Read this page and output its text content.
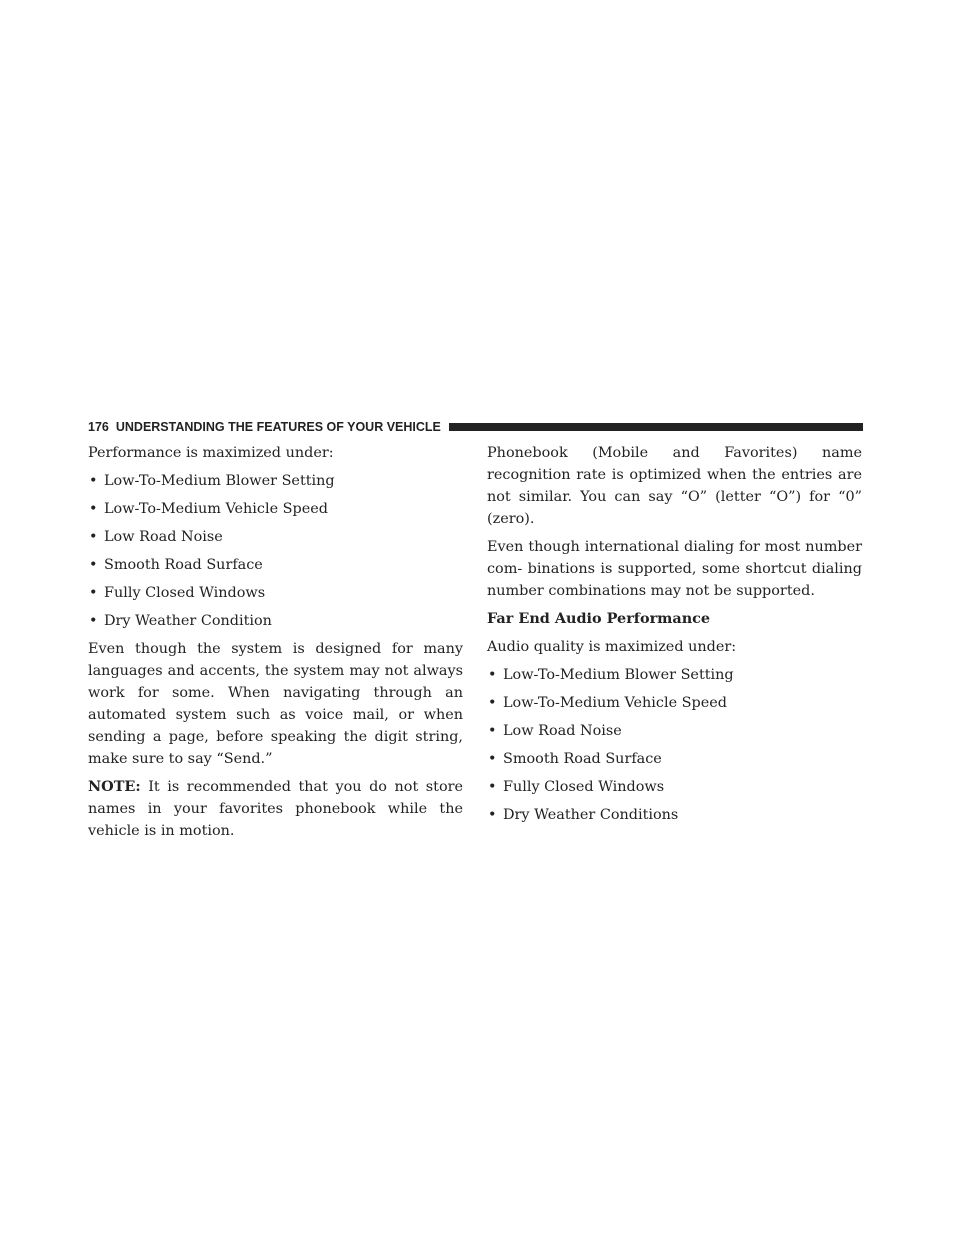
176 UNDERSTANDING THE FEATURES OF YOUR VEHICLE

Performance is maximized under:

• Low-To-Medium Blower Setting
• Low-To-Medium Vehicle Speed
• Low Road Noise
• Smooth Road Surface
• Fully Closed Windows
• Dry Weather Condition

Even though the system is designed for many languages and accents, the system may not always work for some. When navigating through an automated system such as voice mail, or when sending a page, before speaking the digit string, make sure to say “Send.”

NOTE: It is recommended that you do not store names in your favorites phonebook while the vehicle is in motion.

Phonebook (Mobile and Favorites) name recognition rate is optimized when the entries are not similar. You can say “O” (letter “O”) for “0” (zero).

Even though international dialing for most number com- binations is supported, some shortcut dialing number combinations may not be supported.

Far End Audio Performance

Audio quality is maximized under:

• Low-To-Medium Blower Setting
• Low-To-Medium Vehicle Speed
• Low Road Noise
• Smooth Road Surface
• Fully Closed Windows
• Dry Weather Conditions
